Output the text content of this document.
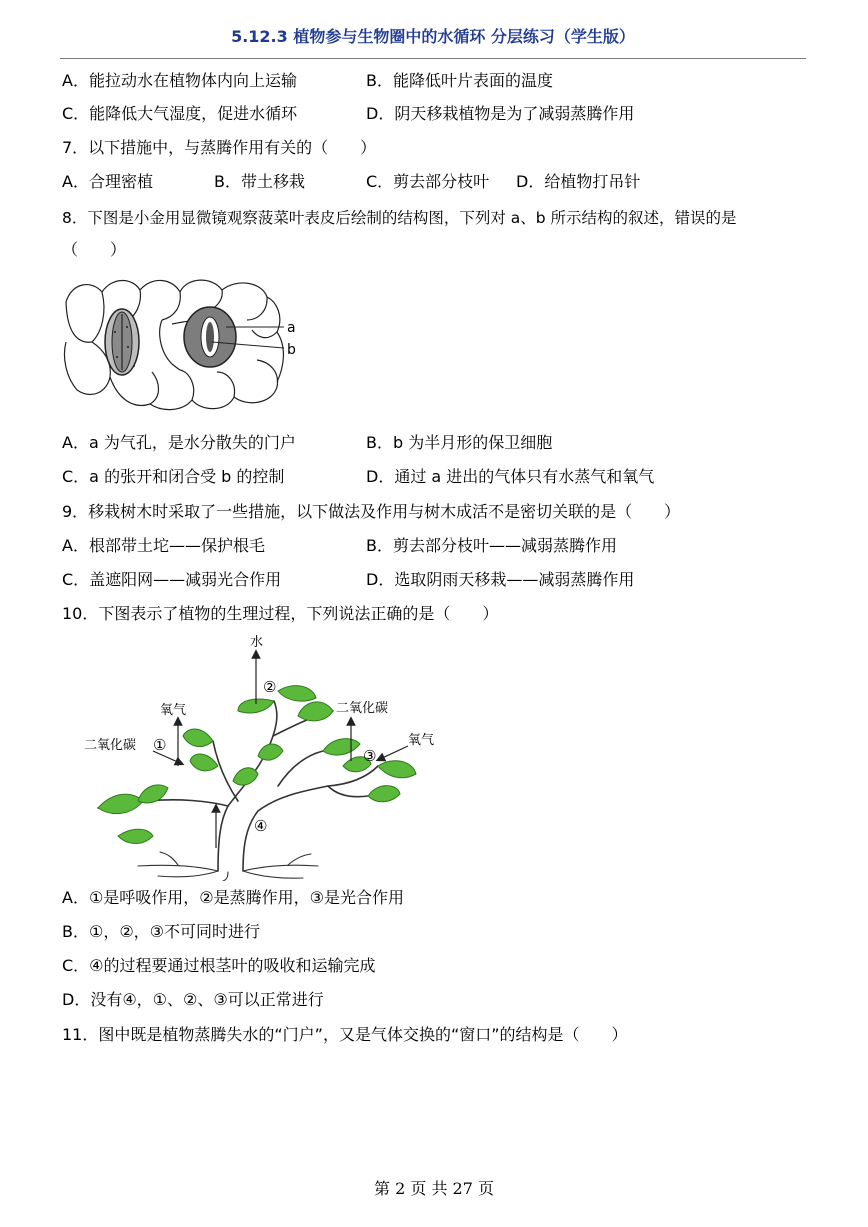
5.12.3 植物参与生物圈中的水循环 分层练习（学生版）
A．能拉动水在植物体内向上运输	B．能降低叶片表面的温度
C．能降低大气湿度，促进水循环	D．阴天移栽植物是为了减弱蒸腾作用
7．以下措施中，与蒸腾作用有关的（　　）
A．合理密植	B．带土移栽	C．剪去部分枝叶 D．给植物打吊针
8．下图是小金用显微镜观察菠菜叶表皮后绘制的结构图，下列对 a、b 所示结构的叙述，错误的是
（　　）
a
b
A．a 为气孔，是水分散失的门户	B．b 为半月形的保卫细胞
C．a 的张开和闭合受 b 的控制	D．通过 a 进出的气体只有水蒸气和氧气
9．移栽树木时采取了一些措施，以下做法及作用与树木成活不是密切关联的是（　　）
A．根部带土坨——保护根毛	B．剪去部分枝叶——减弱蒸腾作用
C．盖遮阳网——减弱光合作用	D．选取阴雨天移栽——减弱蒸腾作用
10．下图表示了植物的生理过程，下列说法正确的是（　　）
水
②
氧气
二氧化碳 ①
二氧化碳
③
氧气
④
A．①是呼吸作用，②是蒸腾作用，③是光合作用
B．①，②，③不可同时进行
C．④的过程要通过根茎叶的吸收和运输完成
D．没有④，①、②、③可以正常进行
11．图中既是植物蒸腾失水的“门户”，又是气体交换的“窗口”的结构是（　　）
第 2 页 共 27 页
